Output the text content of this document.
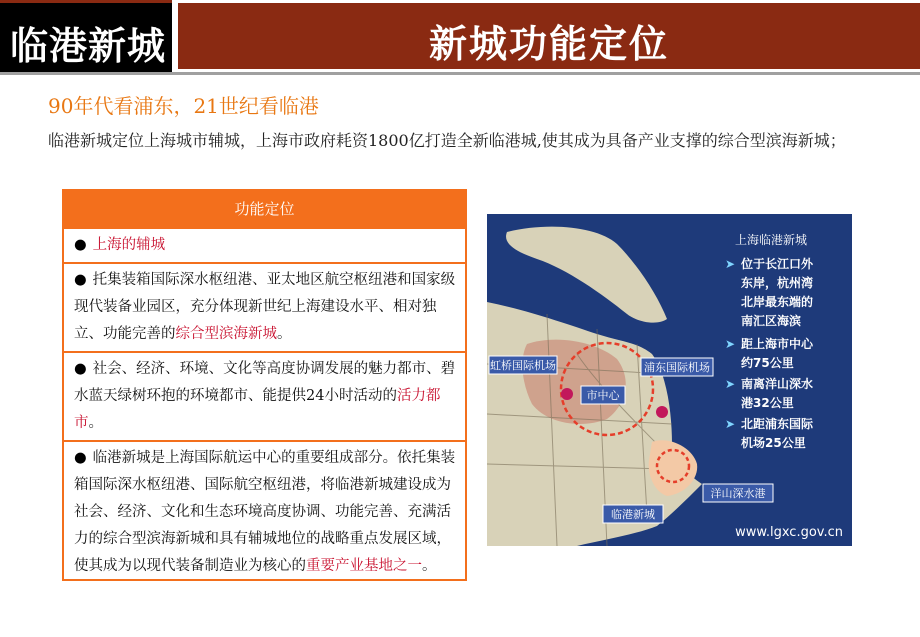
临港新城	新城功能定位
90年代看浦东，21世纪看临港
临港新城定位上海城市辅城，上海市政府耗资1800亿打造全新临港城,使其成为具备产业支撑的综合型滨海新城；
功能定位
● 上海的辅城
● 托集装箱国际深水枢纽港、亚太地区航空枢纽港和国家级现代装备业园区，充分体现新世纪上海建设水平、相对独立、功能完善的综合型滨海新城。
● 社会、经济、环境、文化等高度协调发展的魅力都市、碧水蓝天绿树环抱的环境都市、能提供24小时活动的活力都市。
● 临港新城是上海国际航运中心的重要组成部分。依托集装箱国际深水枢纽港、国际航空枢纽港，将临港新城建设成为社会、经济、文化和生态环境高度协调、功能完善、充满活力的综合型滨海新城和具有辅城地位的战略重点发展区域，使其成为以现代装备制造业为核心的重要产业基地之一。
虹桥国际机场	浦东国际机场
市中心
临港新城
洋山深水港
上海临港新城
➤ 位于长江口外
东岸，杭州湾
北岸最东端的
南汇区海滨
➤ 距上海市中心
约75公里
➤ 南离洋山深水
港32公里
➤ 北距浦东国际
机场25公里
www.lgxc.gov.cn
